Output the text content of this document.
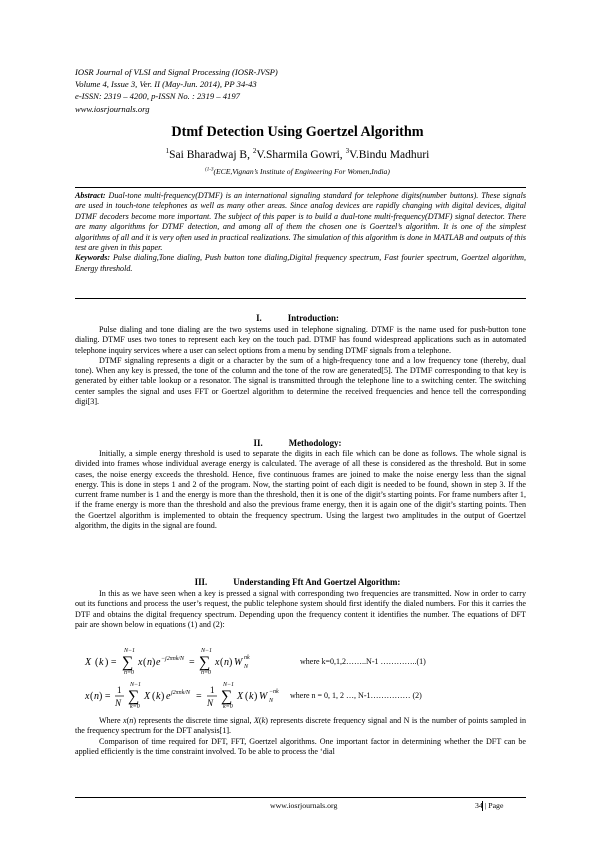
IOSR Journal of VLSI and Signal Processing (IOSR-JVSP)
Volume 4, Issue 3, Ver. II (May-Jun. 2014), PP 34-43
e-ISSN: 2319 – 4200, p-ISSN No. : 2319 – 4197
www.iosrjournals.org
Dtmf Detection Using Goertzel Algorithm
$^1$Sai Bharadwaj B, $^2$V.Sharmila Gowri, $^3$V.Bindu Madhuri
$^{(1-3}$(ECE,Vignan’s Institute of Engineering For Women,India)
Abstract: Dual-tone multi-frequency(DTMF) is an international signaling standard for telephone digits(number buttons). These signals are used in touch-tone telephones as well as many other areas. Since analog devices are rapidly changing with digital devices, digital DTMF decoders become more important. The subject of this paper is to build a dual-tone multi-frequency(DTMF) signal detector. There are many algorithms for DTMF detection, and among all of them the chosen one is Goertzel’s algorithm. It is one of the simplest algorithms of all and it is very often used in practical realizations. The simulation of this algorithm is done in MATLAB and outputs of this test are given in this paper.
Keywords: Pulse dialing,Tone dialing, Push button tone dialing,Digital frequency spectrum, Fast fourier spectrum, Goertzel algorithm, Energy threshold.
I.	Introduction:

Pulse dialing and tone dialing are the two systems used in telephone signaling. DTMF is the name used for push-button tone dialing. DTMF uses two tones to represent each key on the touch pad. DTMF has found widespread applications such as in automated telephone inquiry services where a user can select options from a menu by sending DTMF signals from a telephone.

DTMF signaling represents a digit or a character by the sum of a high-frequency tone and a low frequency tone (thereby, dual tone). When any key is pressed, the tone of the column and the tone of the row are generated[5]. The DTMF corresponding to that key is generated by either table lookup or a resonator. The signal is transmitted through the telephone line to a switching center. The switching center samples the signal and uses FFT or Goertzel algorithm to determine the received frequencies and hence tell the corresponding digi[3].

II.	Methodology:

Initially, a simple energy threshold is used to separate the digits in each file which can be done as follows. The whole signal is divided into frames whose individual average energy is calculated. The average of all these is considered as the threshold. But in some cases, the noise energy exceeds the threshold. Hence, five continuous frames are joined to make the noise energy less than the signal energy. This is done in steps 1 and 2 of the program. Now, the starting point of each digit is needed to be found, shown in step 3. If the current frame number is 1 and the energy is more than the threshold, then it is one of the digit’s starting points. For frame numbers after 1, if the frame energy is more than the threshold and also the previous frame energy, then it is again one of the digit’s starting points. Then the Goertzel algorithm is implemented to obtain the frequency spectrum. Using the largest two amplitudes in the output of Goertzel algorithm, the digits in the signal are found.

III.	Understanding Fft And Goertzel Algorithm:

In this as we have seen when a key is pressed a signal with corresponding two frequencies are transmitted. Now in order to carry out its functions and process the user’s request, the public telephone system should first identify the dialed numbers. For this it carries the DTF and obtains the digital frequency spectrum. Depending upon the frequency content it identifies the number. The equations of DFT pair are shown below in equations (1) and (2):

X ( k ) = ∑
N−1
n=0
x ( n ) e −j2πnk/N = ∑
N−1
n=0
x ( n ) W nk
N
x ( n ) =
1
N ∑
N−1
k=0
X ( k ) e j2πnk/N =
1
N ∑
N−1
k=0
X ( k ) W −nk
N
where k=0,1,2……..N-1 …………..(1)
where n = 0, 1, 2 …, N-1…………… (2)

Where x(n) represents the discrete time signal, X(k) represents discrete frequency signal and N is the number of points sampled in the frequency spectrum for the DFT analysis[1].

Comparison of time required for DFT, FFT, Goertzel algorithms. One important factor in determining whether the DFT can be applied efficiently is the time constraint involved. To be able to process the ‘dial

www.iosrjournals.org	34 | Page
